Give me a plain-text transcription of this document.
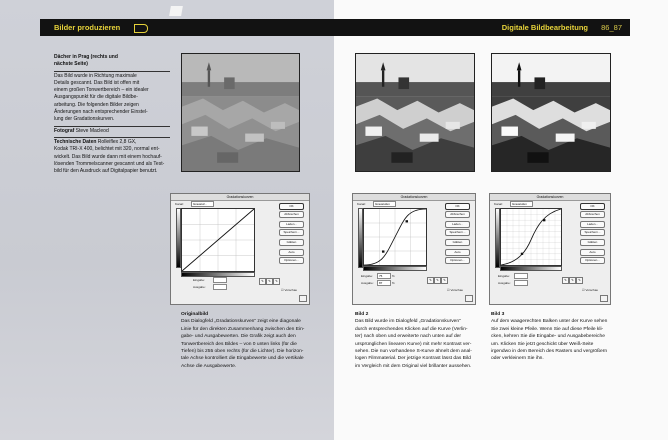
Bilder produzieren	Digitale Bildbearbeitung 86_87
Dächer in Prag (rechts und
nächste Seite)
Das Bild wurde in Richtung maximale
Details gescannt. Das Bild ist offen mit
einem großen Tonwertbereich – ein idealer
Ausgangspunkt für die digitale Bildbe-
arbeitung. Die folgenden Bilder zeigen
Änderungen nach entsprechender Einstel-
lung der Gradationskurven.
Fotograf Steve Macleod
Technische Daten Rolleiflex 2,8 GX,
Kodak TRI-X 400, belichtet mit 320, normal ent-
wickelt. Das Bild wurde dann mit einem hochauf-
lösenden Trommelscanner gescannt und als Test-
bild für den Ausdruck auf Digitalpapier benutzt.
Gradationskurven
Kanal:	Graustuf...	OK
Abbrechen
Laden...
Speichern...
Glätten
Auto
Optionen...
Eingabe:
Ausgabe:
✎	✎	✎
☑ Vorschau
Gradationskurven
Kanal:	Graustufen	OK
Abbrechen
Laden...
Speichern...
Glätten
Auto
Optionen...
Eingabe:	75	%
Ausgabe:	87	%
✎	✎	✎
☑ Vorschau
Gradationskurven
Kanal:	Graustufen	OK
Abbrechen
Laden...
Speichern...
Glätten
Auto
Optionen...
Eingabe:
Ausgabe:
✎	✎	✎
☑ Vorschau
Originalbild
Das Dialogfeld „Gradationskurven“ zeigt eine diagonale
Linie für den direkten Zusammenhang zwischen den Ein-
gabe- und Ausgabewerten. Die Grafik zeigt auch den
Tonwertbereich des Bildes – von 0 unten links (für die
Tiefen) bis 255 oben rechts (für die Lichter). Die horizon-
tale Achse kontrolliert die Eingabewerte und die vertikale
Achse die Ausgabewerte.
Bild 2
Das Bild wurde im Dialogfeld „Gradationskurven“
durch entsprechendes Klicken auf die Kurve (Verlin-
ter) nach oben und erweiterte nach unten auf der
ursprünglichen linearen Kurve) mit mehr Kontrast ver-
sehen. Die nun vorhandene S-Kurve ähnelt dem anal-
logen Filmmaterial. Der jetzige Kontrast lässt das Bild
im Vergleich mit dem Original viel brillanter aussehen.
Bild 3
Auf dem waagerechten Balken unter der Kurve sehen
Sie zwei kleine Pfeile. Wenn Sie auf diese Pfeile kli-
cken, kehren Sie die Eingabe- und Ausgabebereiche
um. Klicken Sie jetzt geschickt über Weiß-Seite
irgendwo in dem Bereich des Rasters und vergrößern
oder verkleinern Sie ihn.
